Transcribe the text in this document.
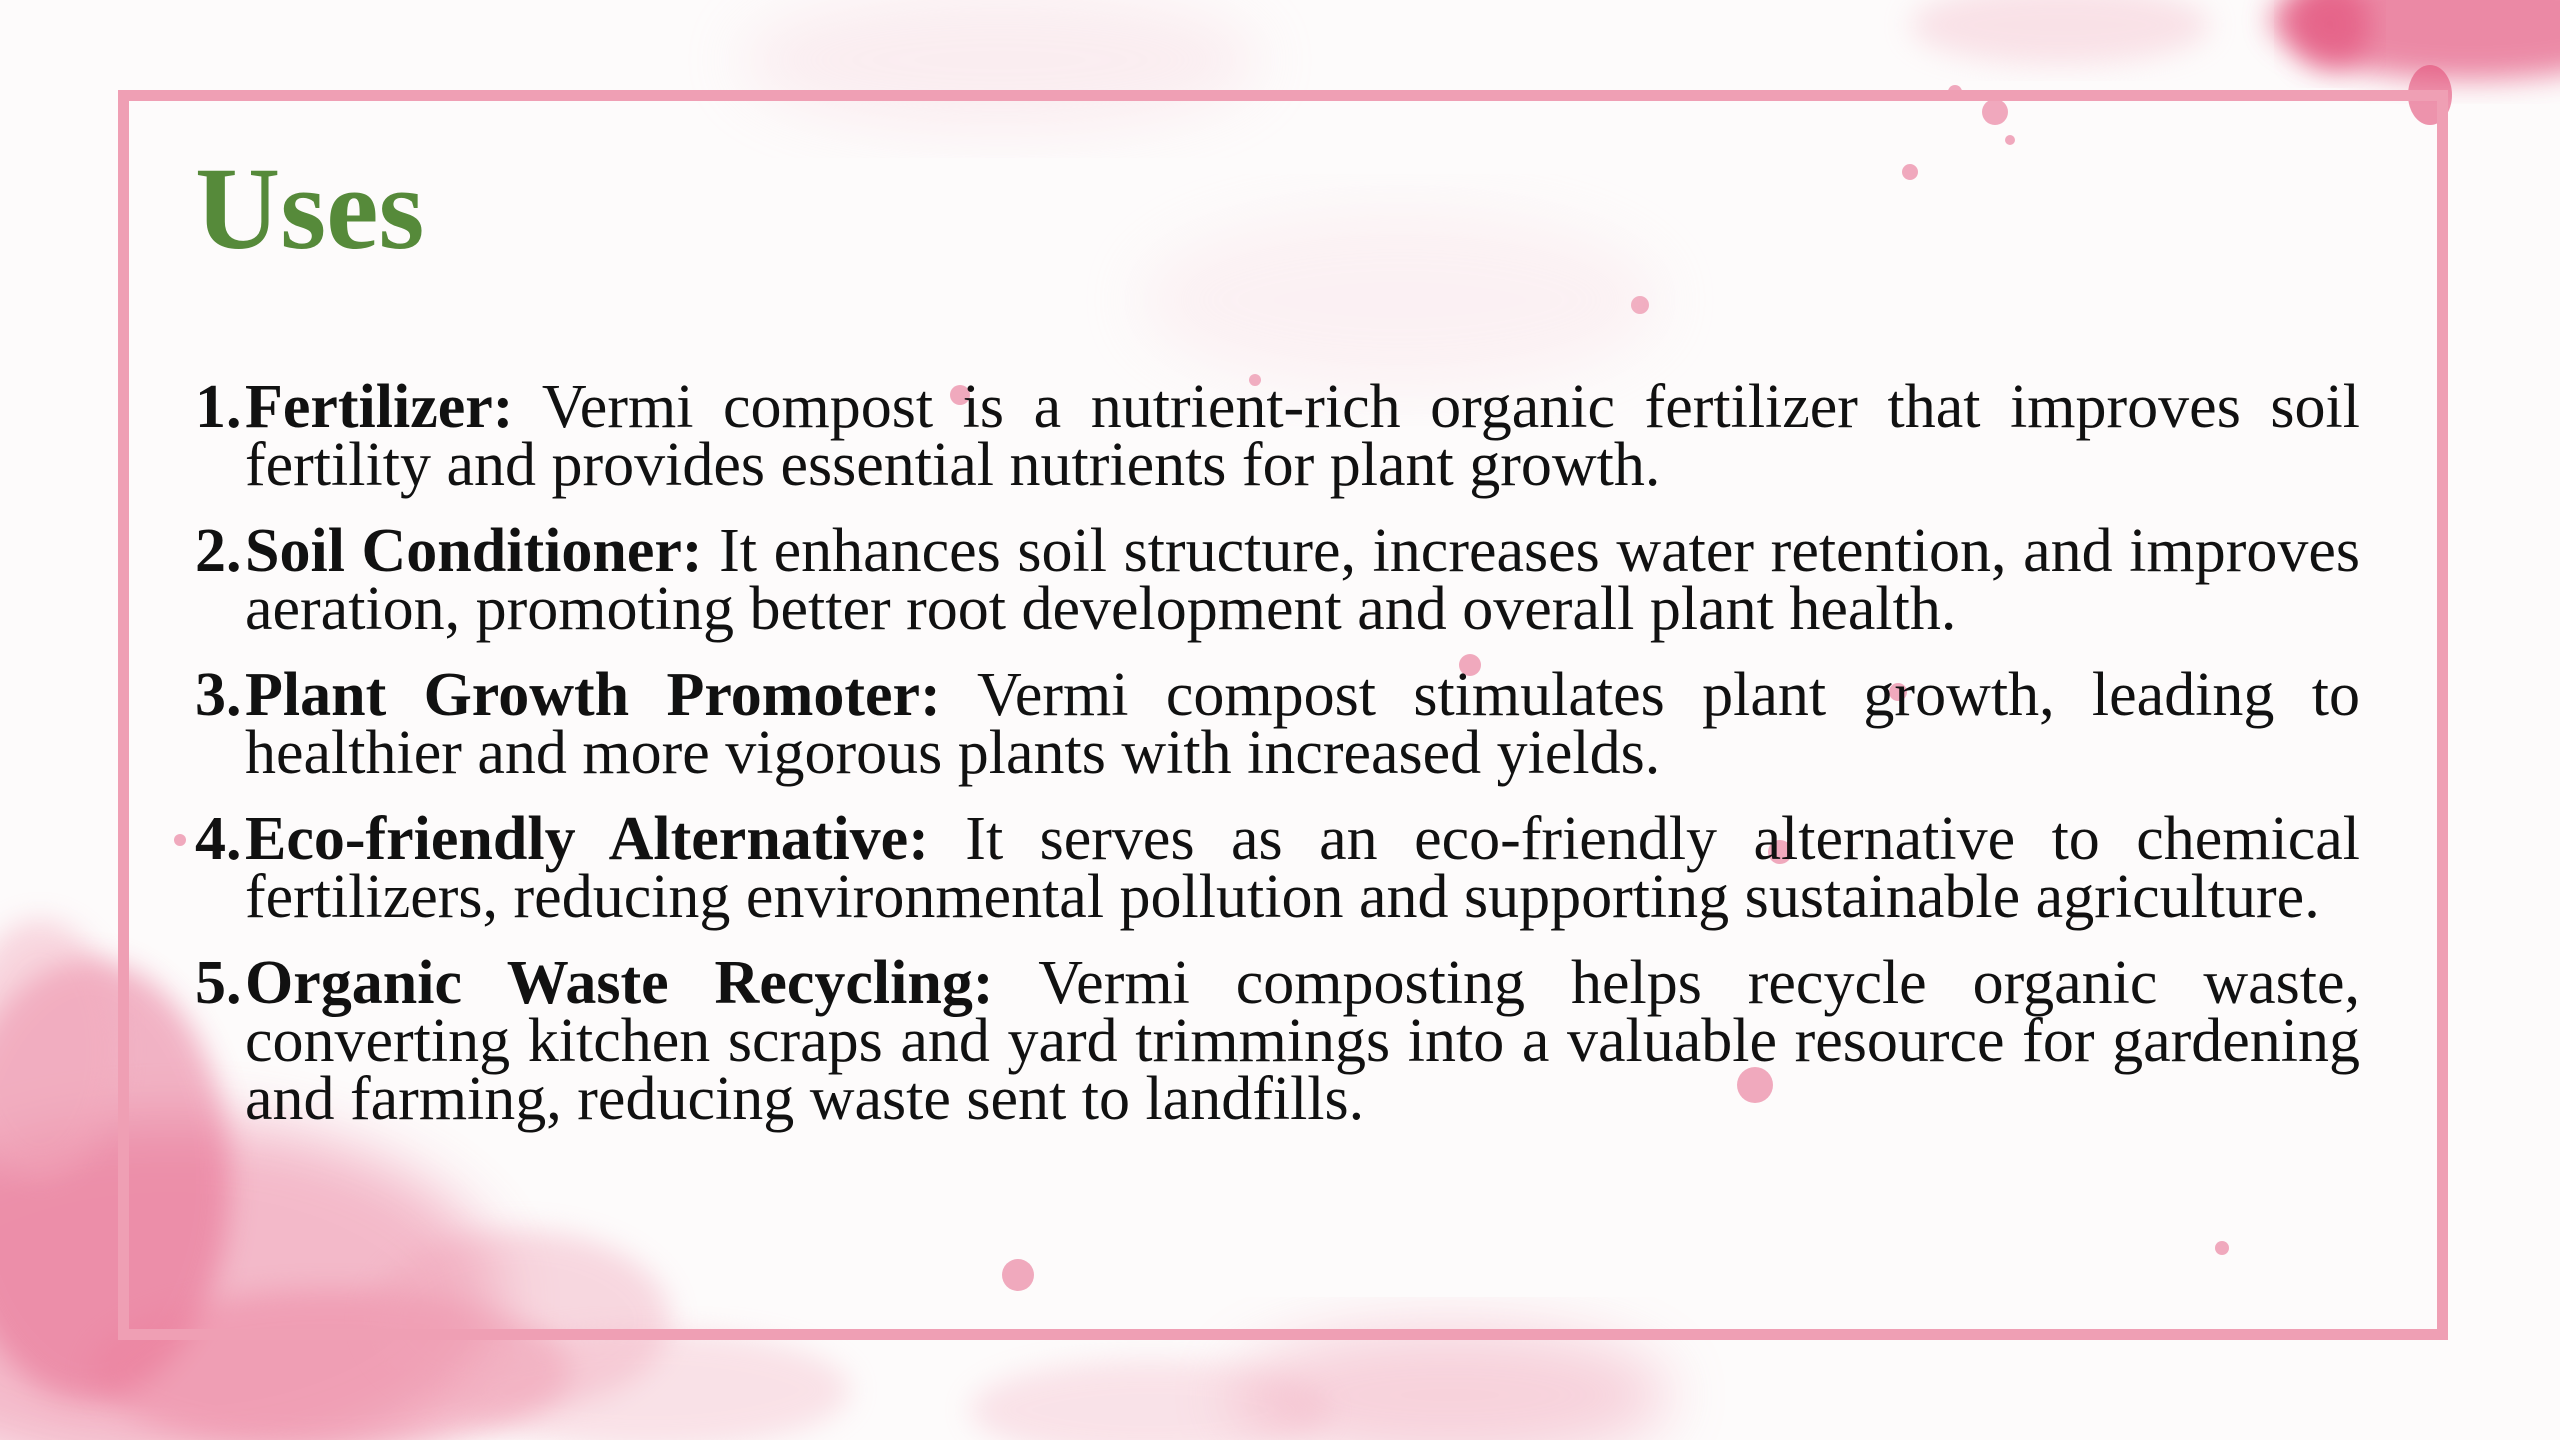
Uses
1. Fertilizer: Vermi compost is a nutrient-rich organic fertilizer that improves soil fertility and provides essential nutrients for plant growth.
2. Soil Conditioner: It enhances soil structure, increases water retention, and improves aeration, promoting better root development and overall plant health.
3. Plant Growth Promoter: Vermi compost stimulates plant growth, leading to healthier and more vigorous plants with increased yields.
4. Eco-friendly Alternative: It serves as an eco-friendly alternative to chemical fertilizers, reducing environmental pollution and supporting sustainable agriculture.
5. Organic Waste Recycling: Vermi composting helps recycle organic waste, converting kitchen scraps and yard trimmings into a valuable resource for gardening and farming, reducing waste sent to landfills.
